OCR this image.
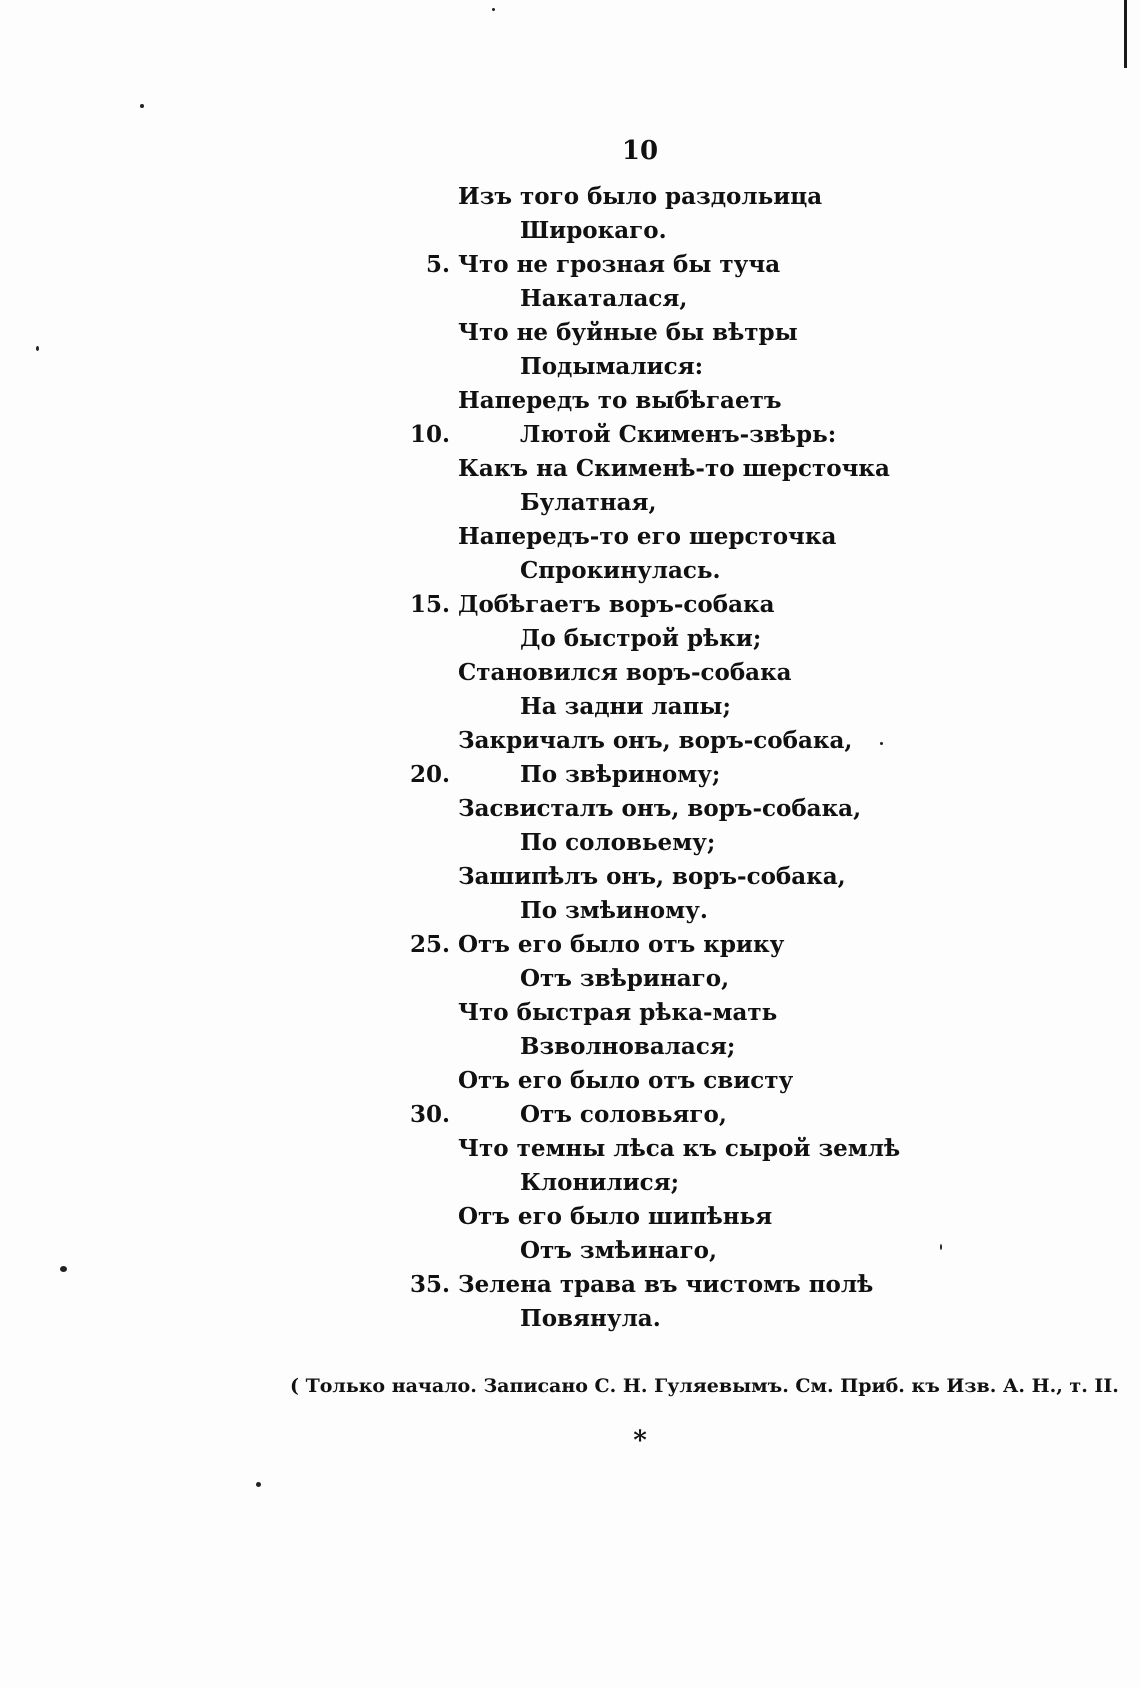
10
Изъ того было раздольица
Широкаго.
5. Что не грозная бы туча
Накаталася,
Что не буйные бы вѣтры
Подымалися:
Напередъ то выбѣгаетъ
10.	Лютой Скименъ-звѣрь:
Какъ на Скименѣ-то шерсточка
Булатная,
Напередъ-то его шерсточка
Спрокинулась.
15. Добѣгаетъ воръ-собака
До быстрой рѣки;
Становился воръ-собака
На задни лапы;
Закричалъ онъ, воръ-собака,
20.	По звѣриному;
Засвисталъ онъ, воръ-собака,
По соловьему;
Зашипѣлъ онъ, воръ-собака,
По змѣиному.
25. Отъ его было отъ крику
Отъ звѣринаго,
Что быстрая рѣка-мать
Взволновалася;
Отъ его было отъ свисту
30.	Отъ соловьяго,
Что темны лѣса къ сырой землѣ
Клонилися;
Отъ его было шипѣнья
Отъ змѣинаго,
35. Зелена трава въ чистомъ полѣ
Повянула.
( Только начало. Записано С. Н. Гуляевымъ. См. Приб. къ Изв. А. Н., т. II.
*
